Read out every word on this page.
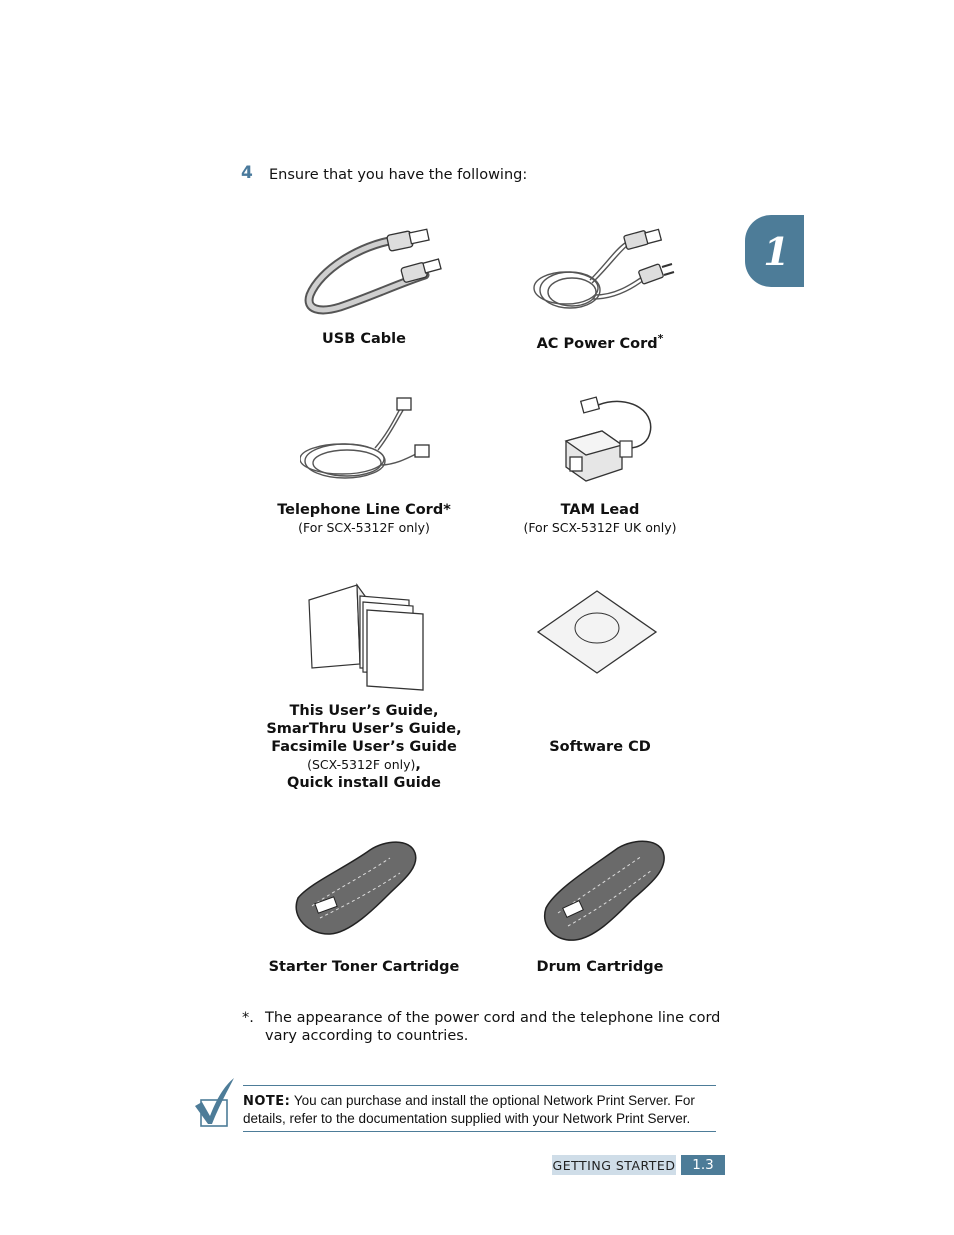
4 Ensure that you have the following:
1
USB Cable	AC Power Cord*
Telephone Line Cord*
(For SCX-5312F only)
TAM Lead
(For SCX-5312F UK only)
This User’s Guide,
SmarThru User’s Guide,
Facsimile User’s Guide
(SCX-5312F only),
Quick install Guide
Software CD
Starter Toner Cartridge	Drum Cartridge
*. The appearance of the power cord and the telephone line cord vary according to countries.
NOTE: You can purchase and install the optional Network Print Server. For details, refer to the documentation supplied with your Network Print Server.
GETTING STARTED	1.3
